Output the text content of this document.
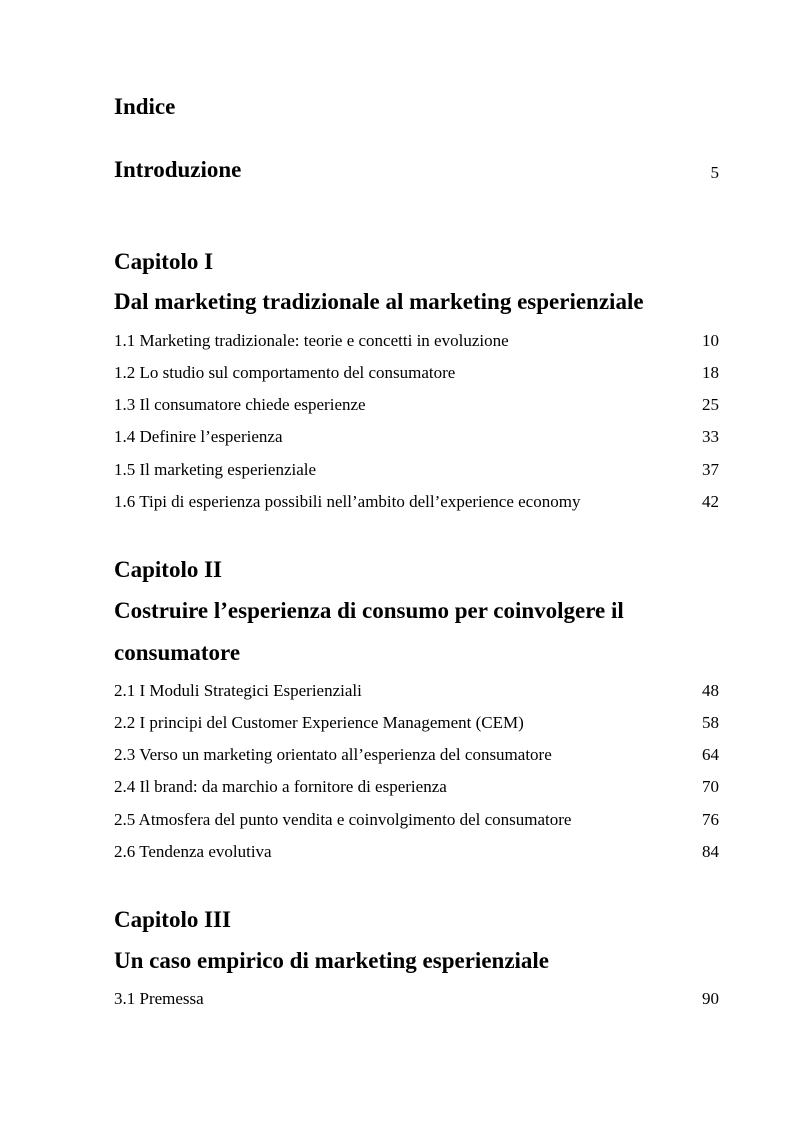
Indice
Introduzione	5
Capitolo I
Dal marketing tradizionale al marketing esperienziale
1.1 Marketing tradizionale: teorie e concetti in evoluzione	10
1.2 Lo studio sul comportamento del consumatore	18
1.3 Il consumatore chiede esperienze	25
1.4 Definire l’esperienza	33
1.5 Il marketing esperienziale	37
1.6 Tipi di esperienza possibili nell’ambito dell’experience economy	42
Capitolo II
Costruire l’esperienza di consumo per coinvolgere il
consumatore
2.1 I Moduli Strategici Esperienziali	48
2.2 I principi del Customer Experience Management (CEM)	58
2.3 Verso un marketing orientato all’esperienza del consumatore	64
2.4 Il brand: da marchio a fornitore di esperienza	70
2.5 Atmosfera del punto vendita e coinvolgimento del consumatore	76
2.6 Tendenza evolutiva	84
Capitolo III
Un caso empirico di marketing esperienziale
3.1 Premessa	90
